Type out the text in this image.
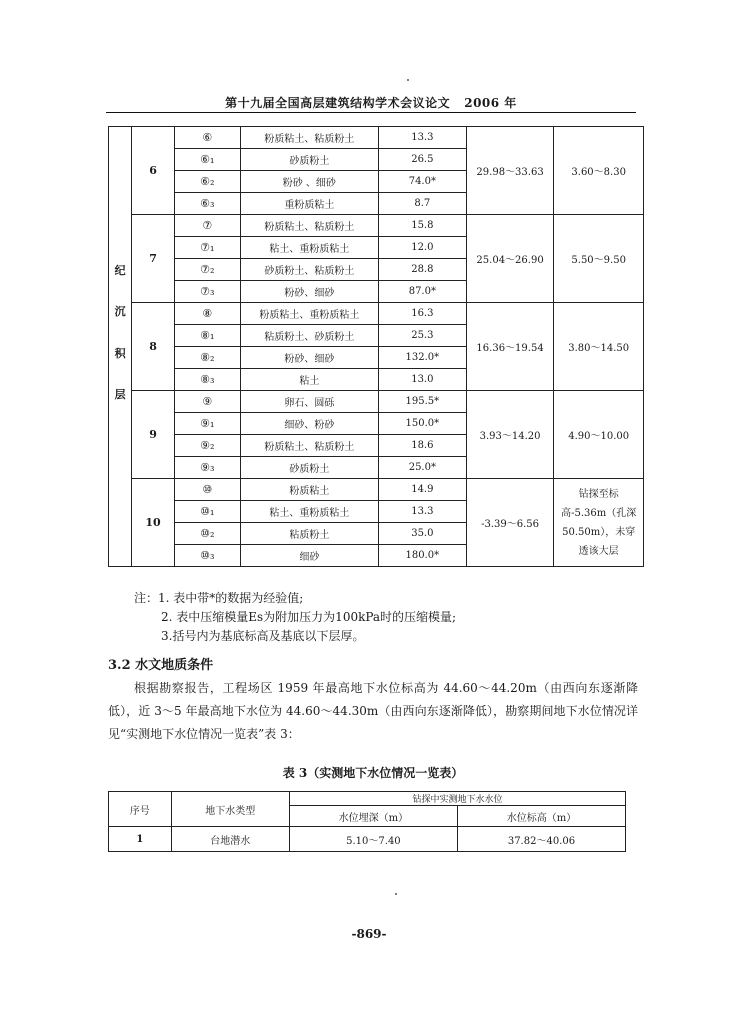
第十九届全国高层建筑结构学术会议论文 2006 年
纪
沉
积
层	6	⑥	粉质粘土、粘质粉土	13.3	29.98～33.63	3.60～8.30
		⑥₁	砂质粉土	26.5		
		⑥₂	粉砂 、细砂	74.0*		
		⑥₃	重粉质粘土	8.7		
	7	⑦	粉质粘土、粘质粉土	15.8	25.04～26.90	5.50～9.50
		⑦₁	粘土、重粉质粘土	12.0		
		⑦₂	砂质粉土、粘质粉土	28.8		
		⑦₃	粉砂、细砂	87.0*		
	8	⑧	粉质粘土、重粉质粘土	16.3	16.36～19.54	3.80～14.50
		⑧₁	粘质粉土、砂质粉土	25.3		
		⑧₂	粉砂、细砂	132.0*		
		⑧₃	粘土	13.0		
	9	⑨	卵石、圆砾	195.5*	3.93～14.20	4.90～10.00
		⑨₁	细砂、粉砂	150.0*		
		⑨₂	粉质粘土、粘质粉土	18.6		
		⑨₃	砂质粉土	25.0*		
	10	⑩	粉质粘土	14.9	-3.39～6.56	钻探至标高-5.36m（孔深50.50m），未穿透该大层
		⑩₁	粘土、重粉质粘土	13.3		
		⑩₂	粘质粉土	35.0		
		⑩₃	细砂	180.0*		
注：1. 表中带*的数据为经验值;
2. 表中压缩模量Es为附加压力为100kPa时的压缩模量;
3.括号内为基底标高及基底以下层厚。
3.2 水文地质条件
根据勘察报告，工程场区 1959 年最高地下水位标高为 44.60～44.20m（由西向东逐渐降低），近 3～5 年最高地下水位为 44.60～44.30m（由西向东逐渐降低），勘察期间地下水位情况详见“实测地下水位情况一览表”表 3：
表 3（实测地下水位情况一览表）
序号	地下水类型	钻探中实测地下水水位	
		水位埋深（m）	水位标高（m）
1	台地潜水	5.10～7.40	37.82～40.06
-869-
